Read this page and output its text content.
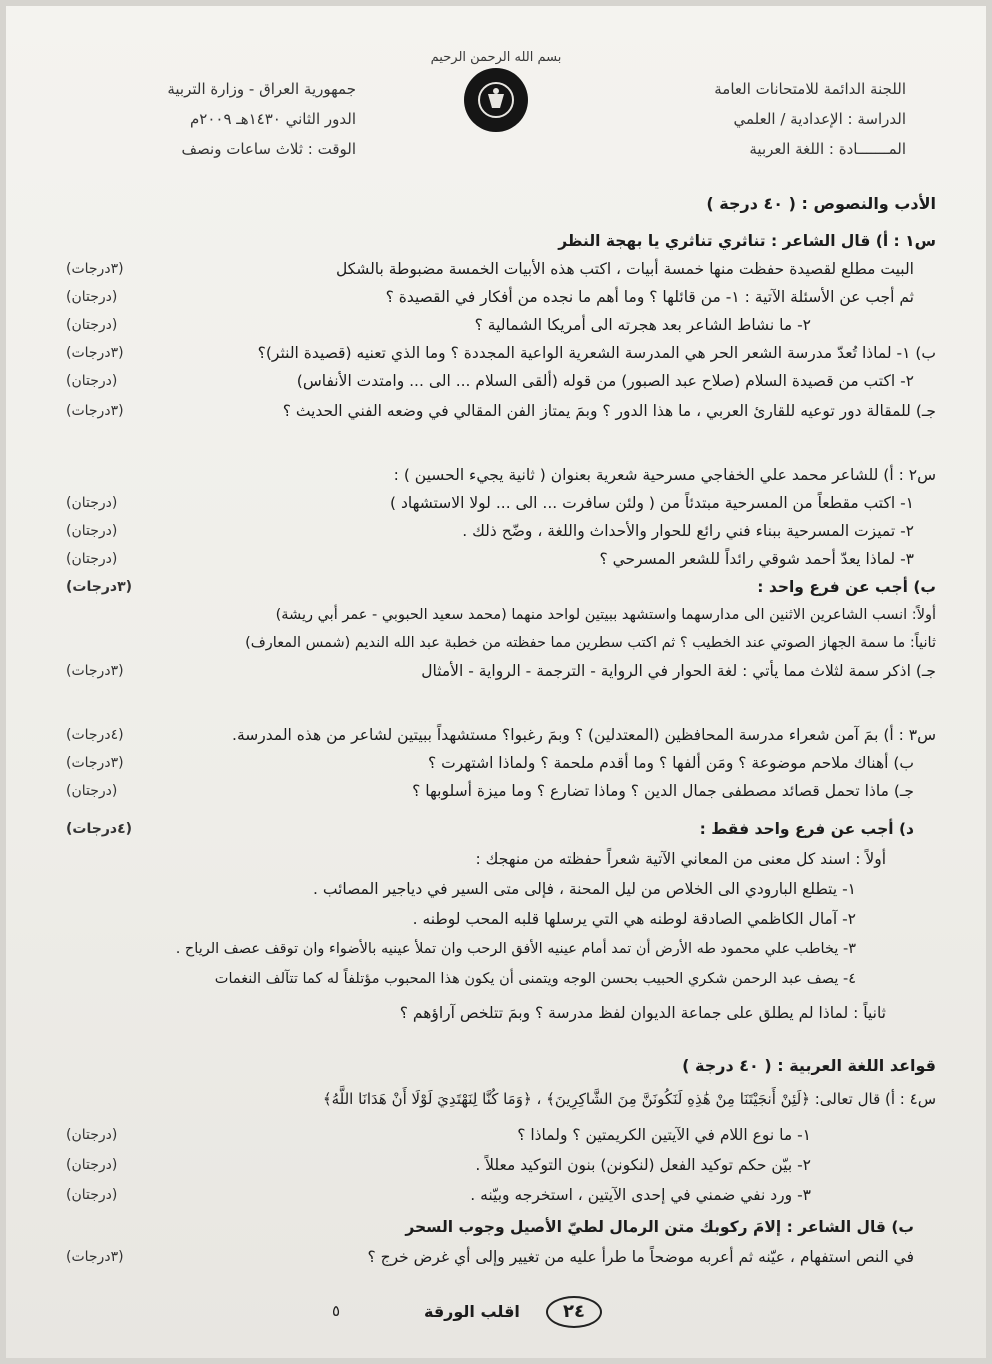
بسم الله الرحمن الرحيم
اللجنة الدائمة للامتحانات العامة
الدراسة : الإعدادية / العلمي
المـــــــادة : اللغة العربية
جمهورية العراق - وزارة التربية
الدور الثاني ١٤٣٠هـ ٢٠٠٩م
الوقت : ثلاث ساعات ونصف
الأدب والنصوص : ( ٤٠ درجة )
س١ : أ) قال الشاعر : تناثري تناثري يا بهجة النظر
البيت مطلع لقصيدة حفظت منها خمسة أبيات ، اكتب هذه الأبيات الخمسة مضبوطة بالشكل
(٣درجات)
ثم أجب عن الأسئلة الآتية : ١- من قائلها ؟ وما أهم ما نجده من أفكار في القصيدة ؟
(درجتان)
٢- ما نشاط الشاعر بعد هجرته الى أمريكا الشمالية ؟
(درجتان)
ب) ١- لماذا تُعدّ مدرسة الشعر الحر هي المدرسة الشعرية الواعية المجددة ؟ وما الذي تعنيه (قصيدة النثر)؟
(٣درجات)
٢- اكتب من قصيدة السلام (صلاح عبد الصبور) من قوله (ألقى السلام ... الى ... وامتدت الأنفاس)
(درجتان)
جـ) للمقالة دور توعيه للقارئ العربي ، ما هذا الدور ؟ وبمَ يمتاز الفن المقالي في وضعه الفني الحديث ؟
(٣درجات)
س٢ : أ) للشاعر محمد علي الخفاجي مسرحية شعرية بعنوان ( ثانية يجيء الحسين ) :
١- اكتب مقطعاً من المسرحية مبتدئاً من ( ولئن سافرت ... الى ... لولا الاستشهاد )
(درجتان)
٢- تميزت المسرحية ببناء فني رائع للحوار والأحداث واللغة ، وضّح ذلك .
(درجتان)
٣- لماذا يعدّ أحمد شوقي رائداً للشعر المسرحي ؟
(درجتان)
ب) أجب عن فرع واحد :
(٣درجات)
أولاً: انسب الشاعرين الاثنين الى مدارسهما واستشهد ببيتين لواحد منهما (محمد سعيد الحبوبي - عمر أبي ريشة)
ثانياً: ما سمة الجهاز الصوتي عند الخطيب ؟ ثم اكتب سطرين مما حفظته من خطبة عبد الله النديم (شمس المعارف)
جـ) اذكر سمة لثلاث مما يأتي : لغة الحوار في الرواية - الترجمة - الرواية - الأمثال
(٣درجات)
س٣ : أ) بمَ آمن شعراء مدرسة المحافظين (المعتدلين) ؟ وبمَ رغبوا؟ مستشهداً ببيتين لشاعر من هذه المدرسة.
(٤درجات)
ب) أهناك ملاحم موضوعة ؟ ومَن ألفها ؟ وما أقدم ملحمة ؟ ولماذا اشتهرت ؟
(٣درجات)
جـ) ماذا تحمل قصائد مصطفى جمال الدين ؟ وماذا تضارع ؟ وما ميزة أسلوبها ؟
(درجتان)
د) أجب عن فرع واحد فقط :
(٤درجات)
أولاً : اسند كل معنى من المعاني الآتية شعراً حفظته من منهجك :
١- يتطلع البارودي الى الخلاص من ليل المحنة ، فإلى متى السير في دياجير المصائب .
٢- آمال الكاظمي الصادقة لوطنه هي التي يرسلها قلبه المحب لوطنه .
٣- يخاطب علي محمود طه الأرض أن تمد أمام عينيه الأفق الرحب وان تملأ عينيه بالأضواء وان توقف عصف الرياح .
٤- يصف عبد الرحمن شكري الحبيب بحسن الوجه ويتمنى أن يكون هذا المحبوب مؤتلفاً له كما تتآلف النغمات
ثانياً : لماذا لم يطلق على جماعة الديوان لفظ مدرسة ؟ وبمَ تتلخص آراؤهم ؟
قواعد اللغة العربية : ( ٤٠ درجة )
س٤ : أ) قال تعالى: ﴿لَئِنْ أَنجَيْتَنَا مِنْ هَٰذِهِ لَنَكُونَنَّ مِنَ الشَّاكِرِينَ﴾ ، ﴿وَمَا كُنَّا لِنَهْتَدِيَ لَوْلَا أَنْ هَدَانَا اللَّهُ﴾
١- ما نوع اللام في الآيتين الكريمتين ؟ ولماذا ؟
(درجتان)
٢- بيّن حكم توكيد الفعل (لنكونن) بنون التوكيد معللاً .
(درجتان)
٣- ورد نفي ضمني في إحدى الآيتين ، استخرجه وبيّنه .
(درجتان)
ب) قال الشاعر : إلامَ ركوبك متن الرمال لطيّ الأصيل وجوب السحر
في النص استفهام ، عيّنه ثم أعربه موضحاً ما طرأ عليه من تغيير وإلى أي غرض خرج ؟
(٣درجات)
٢٤
اقلب الورقة
٥
